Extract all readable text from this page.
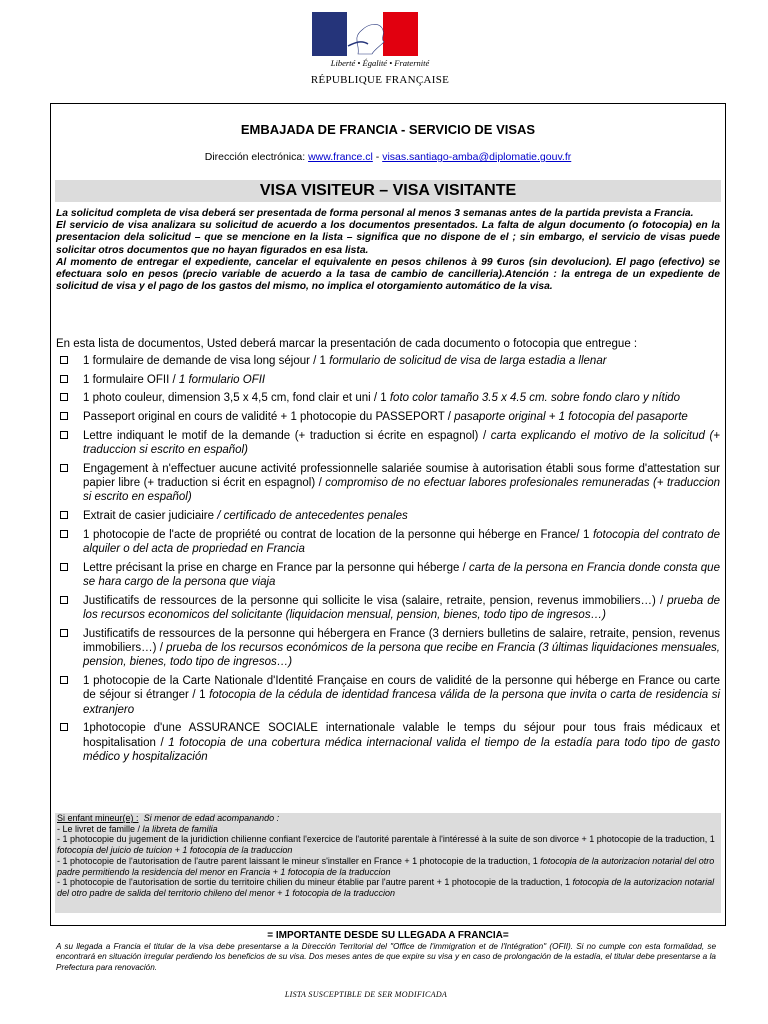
Liberté • Égalité • Fraternité
RÉPUBLIQUE FRANÇAISE
EMBAJADA DE FRANCIA - SERVICIO DE VISAS
Dirección electrónica: www.france.cl - visas.santiago-amba@diplomatie.gouv.fr
VISA VISITEUR – VISA VISITANTE

La solicitud completa de visa deberá ser presentada de forma personal al menos 3 semanas antes de la partida prevista a Francia.

El servicio de visa analizara su solicitud de acuerdo a los documentos presentados. La falta de algun documento (o fotocopia) en la presentacion dela solicitud – que se mencione en la lista – significa que no dispone de el ; sin embargo, el servicio de visas puede solicitar otros documentos que no hayan figurados en esa lista.

Al momento de entregar el expediente, cancelar el equivalente en pesos chilenos à 99 €uros (sin devolucion). El pago (efectivo) se efectuara solo en pesos (precio variable de acuerdo a la tasa de cambio de cancilleria).Atención : la entrega de un expediente de solicitud de visa y el pago de los gastos del mismo, no implica el otorgamiento automático de la visa.

En esta lista de documentos, Usted deberá marcar la presentación de cada documento o fotocopia que entregue :
1 formulaire de demande de visa long séjour / 1 formulario de solicitud de visa de larga estadia a llenar
1 formulaire OFII / 1 formulario OFII
1 photo couleur, dimension 3,5 x 4,5 cm, fond clair et uni / 1 foto color tamaño 3.5 x 4.5 cm. sobre fondo claro y nítido
Passeport original en cours de validité + 1 photocopie du PASSEPORT / pasaporte original + 1 fotocopia del pasaporte
Lettre indiquant le motif de la demande (+ traduction si écrite en espagnol) / carta explicando el motivo de la solicitud (+ traduccion si escrito en español)
Engagement à n'effectuer aucune activité professionnelle salariée soumise à autorisation établi sous forme d'attestation sur papier libre (+ traduction si écrit en espagnol) / compromiso de no efectuar labores profesionales remuneradas (+ traduccion si escrito en español)
Extrait de casier judiciaire / certificado de antecedentes penales
1 photocopie de l'acte de propriété ou contrat de location de la personne qui héberge en France/ 1 fotocopia del contrato de alquiler o del acta de propriedad en Francia
Lettre précisant la prise en charge en France par la personne qui héberge / carta de la persona en Francia donde consta que se hara cargo de la persona que viaja
Justificatifs de ressources de la personne qui sollicite le visa (salaire, retraite, pension, revenus immobiliers…) / prueba de los recursos economicos del solicitante (liquidacion mensual, pension, bienes, todo tipo de ingresos…)
Justificatifs de ressources de la personne qui hébergera en France (3 derniers bulletins de salaire, retraite, pension, revenus immobiliers…) / prueba de los recursos económicos de la persona que recibe en Francia (3 últimas liquidaciones mensuales, pension, bienes, todo tipo de ingresos…)
1 photocopie de la Carte Nationale d'Identité Française en cours de validité de la personne qui héberge en France ou carte de séjour si étranger / 1 fotocopia de la cédula de identidad francesa válida de la persona que invita o carta de residencia si extranjero
1photocopie d'une ASSURANCE SOCIALE internationale valable le temps du séjour pour tous frais médicaux et hospitalisation / 1 fotocopia de una cobertura médica internacional valida el tiempo de la estadía para todo tipo de gasto médico y hospitalización
Si enfant mineur(e) : Si menor de edad acompanando :
- Le livret de famille / la libreta de familia
- 1 photocopie du jugement de la juridiction chilienne confiant l'exercice de l'autorité parentale à l'intéressé à la suite de son divorce + 1 photocopie de la traduction, 1 fotocopia del juicio de tuicion + 1 fotocopia de la traduccion
- 1 photocopie de l'autorisation de l'autre parent laissant le mineur s'installer en France + 1 photocopie de la traduction, 1 fotocopia de la autorizacion notarial del otro padre permitiendo la residencia del menor en Francia + 1 fotocopia de la traduccion
- 1 photocopie de l'autorisation de sortie du territoire chilien du mineur établie par l'autre parent + 1 photocopie de la traduction, 1 fotocopia de la autorizacion notarial del otro padre de salida del territorio chileno del menor + 1 fotocopia de la traduccion
= IMPORTANTE DESDE SU LLEGADA A FRANCIA=
A su llegada a Francia el titular de la visa debe presentarse a la Dirección Territorial del "Office de l'immigration et de l'Intégration" (OFII). Si no cumple con esta formalidad, se encontrará en situación irregular perdiendo los beneficios de su visa. Dos meses antes de que expire su visa y en caso de prolongación de la estadía, el titular debe presentarse a la Prefectura para renovación.
LISTA SUSCEPTIBLE DE SER MODIFICADA
